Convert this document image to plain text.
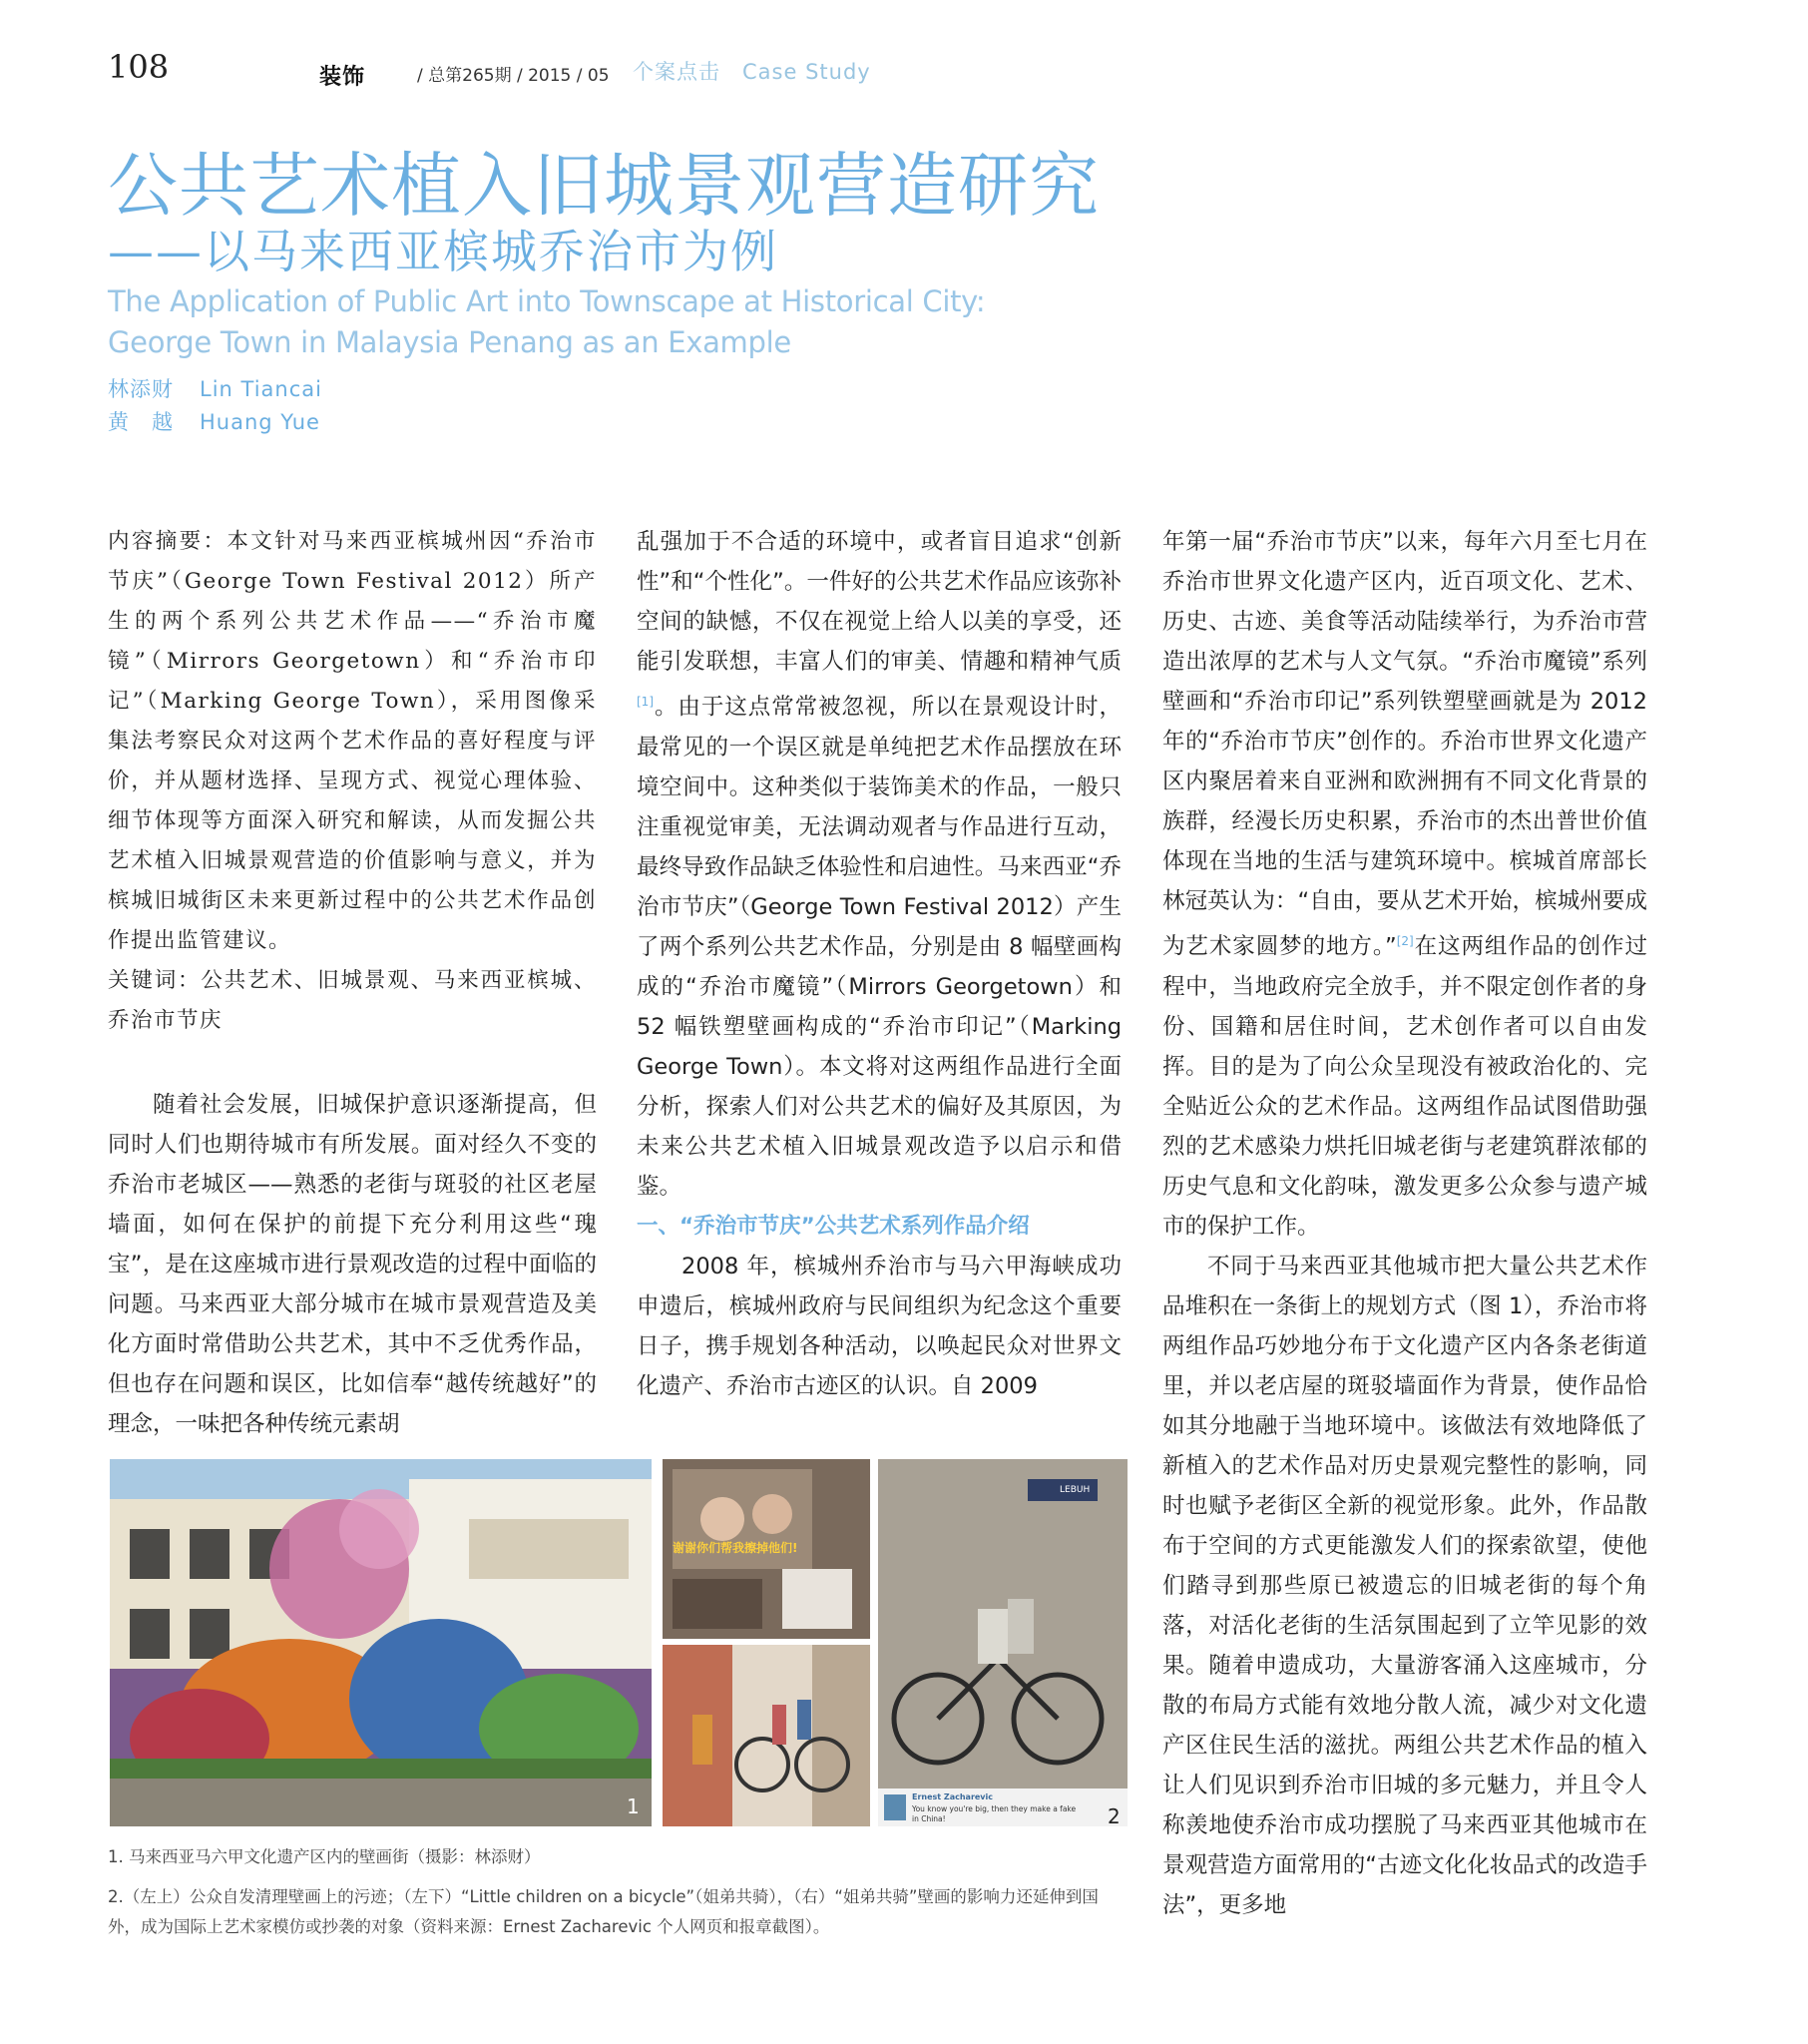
108	装饰	/ 总第265期 / 2015 / 05 个案点击　Case Study
公共艺术植入旧城景观营造研究
——以马来西亚槟城乔治市为例
The Application of Public Art into Townscape at Historical City:
George Town in Malaysia Penang as an Example
林添财 Lin Tiancai
黄　越 Huang Yue

内容摘要：本文针对马来西亚槟城州因“乔治市节庆”（George Town Festival 2012）所产生的两个系列公共艺术作品——“乔治市魔镜”（Mirrors Georgetown）和“乔治市印记”（Marking George Town），采用图像采集法考察民众对这两个艺术作品的喜好程度与评价，并从题材选择、呈现方式、视觉心理体验、细节体现等方面深入研究和解读，从而发掘公共艺术植入旧城景观营造的价值影响与意义，并为槟城旧城街区未来更新过程中的公共艺术作品创作提出监管建议。

关键词：公共艺术、旧城景观、马来西亚槟城、乔治市节庆

随着社会发展，旧城保护意识逐渐提高，但同时人们也期待城市有所发展。面对经久不变的乔治市老城区——熟悉的老街与斑驳的社区老屋墙面，如何在保护的前提下充分利用这些“瑰宝”，是在这座城市进行景观改造的过程中面临的问题。马来西亚大部分城市在城市景观营造及美化方面时常借助公共艺术，其中不乏优秀作品，但也存在问题和误区，比如信奉“越传统越好”的理念，一味把各种传统元素胡

乱强加于不合适的环境中，或者盲目追求“创新性”和“个性化”。一件好的公共艺术作品应该弥补空间的缺憾，不仅在视觉上给人以美的享受，还能引发联想，丰富人们的审美、情趣和精神气质[1]。由于这点常常被忽视，所以在景观设计时，最常见的一个误区就是单纯把艺术作品摆放在环境空间中。这种类似于装饰美术的作品，一般只注重视觉审美，无法调动观者与作品进行互动，最终导致作品缺乏体验性和启迪性。马来西亚“乔治市节庆”（George Town Festival 2012）产生了两个系列公共艺术作品，分别是由 8 幅壁画构成的“乔治市魔镜”（Mirrors Georgetown）和 52 幅铁塑壁画构成的“乔治市印记”（Marking George Town）。本文将对这两组作品进行全面分析，探索人们对公共艺术的偏好及其原因，为未来公共艺术植入旧城景观改造予以启示和借鉴。

一、“乔治市节庆”公共艺术系列作品介绍

2008 年，槟城州乔治市与马六甲海峡成功申遗后，槟城州政府与民间组织为纪念这个重要日子，携手规划各种活动，以唤起民众对世界文化遗产、乔治市古迹区的认识。自 2009

年第一届“乔治市节庆”以来，每年六月至七月在乔治市世界文化遗产区内，近百项文化、艺术、历史、古迹、美食等活动陆续举行，为乔治市营造出浓厚的艺术与人文气氛。“乔治市魔镜”系列壁画和“乔治市印记”系列铁塑壁画就是为 2012 年的“乔治市节庆”创作的。乔治市世界文化遗产区内聚居着来自亚洲和欧洲拥有不同文化背景的族群，经漫长历史积累，乔治市的杰出普世价值体现在当地的生活与建筑环境中。槟城首席部长林冠英认为：“自由，要从艺术开始，槟城州要成为艺术家圆梦的地方。”[2]在这两组作品的创作过程中，当地政府完全放手，并不限定创作者的身份、国籍和居住时间，艺术创作者可以自由发挥。目的是为了向公众呈现没有被政治化的、完全贴近公众的艺术作品。这两组作品试图借助强烈的艺术感染力烘托旧城老街与老建筑群浓郁的历史气息和文化韵味，激发更多公众参与遗产城市的保护工作。

不同于马来西亚其他城市把大量公共艺术作品堆积在一条街上的规划方式（图 1），乔治市将两组作品巧妙地分布于文化遗产区内各条老街道里，并以老店屋的斑驳墙面作为背景，使作品恰如其分地融于当地环境中。该做法有效地降低了新植入的艺术作品对历史景观完整性的影响，同时也赋予老街区全新的视觉形象。此外，作品散布于空间的方式更能激发人们的探索欲望，使他们踏寻到那些原已被遗忘的旧城老街的每个角落，对活化老街的生活氛围起到了立竿见影的效果。随着申遗成功，大量游客涌入这座城市，分散的布局方式能有效地分散人流，减少对文化遗产区住民生活的滋扰。两组公共艺术作品的植入让人们见识到乔治市旧城的多元魅力，并且令人称羡地使乔治市成功摆脱了马来西亚其他城市在景观营造方面常用的“古迹文化化妆品式的改造手法”，更多地

1
谢谢你们帮我擦掉他们!
LEBUH
Ernest Zacharevic
You know you're big, then they make a fake in China!	2
1. 马来西亚马六甲文化遗产区内的壁画街（摄影：林添财）
2.（左上）公众自发清理壁画上的污迹；（左下）“Little children on a bicycle”（姐弟共骑），（右）“姐弟共骑”壁画的影响力还延伸到国外，成为国际上艺术家模仿或抄袭的对象（资料来源：Ernest Zacharevic 个人网页和报章截图）。
